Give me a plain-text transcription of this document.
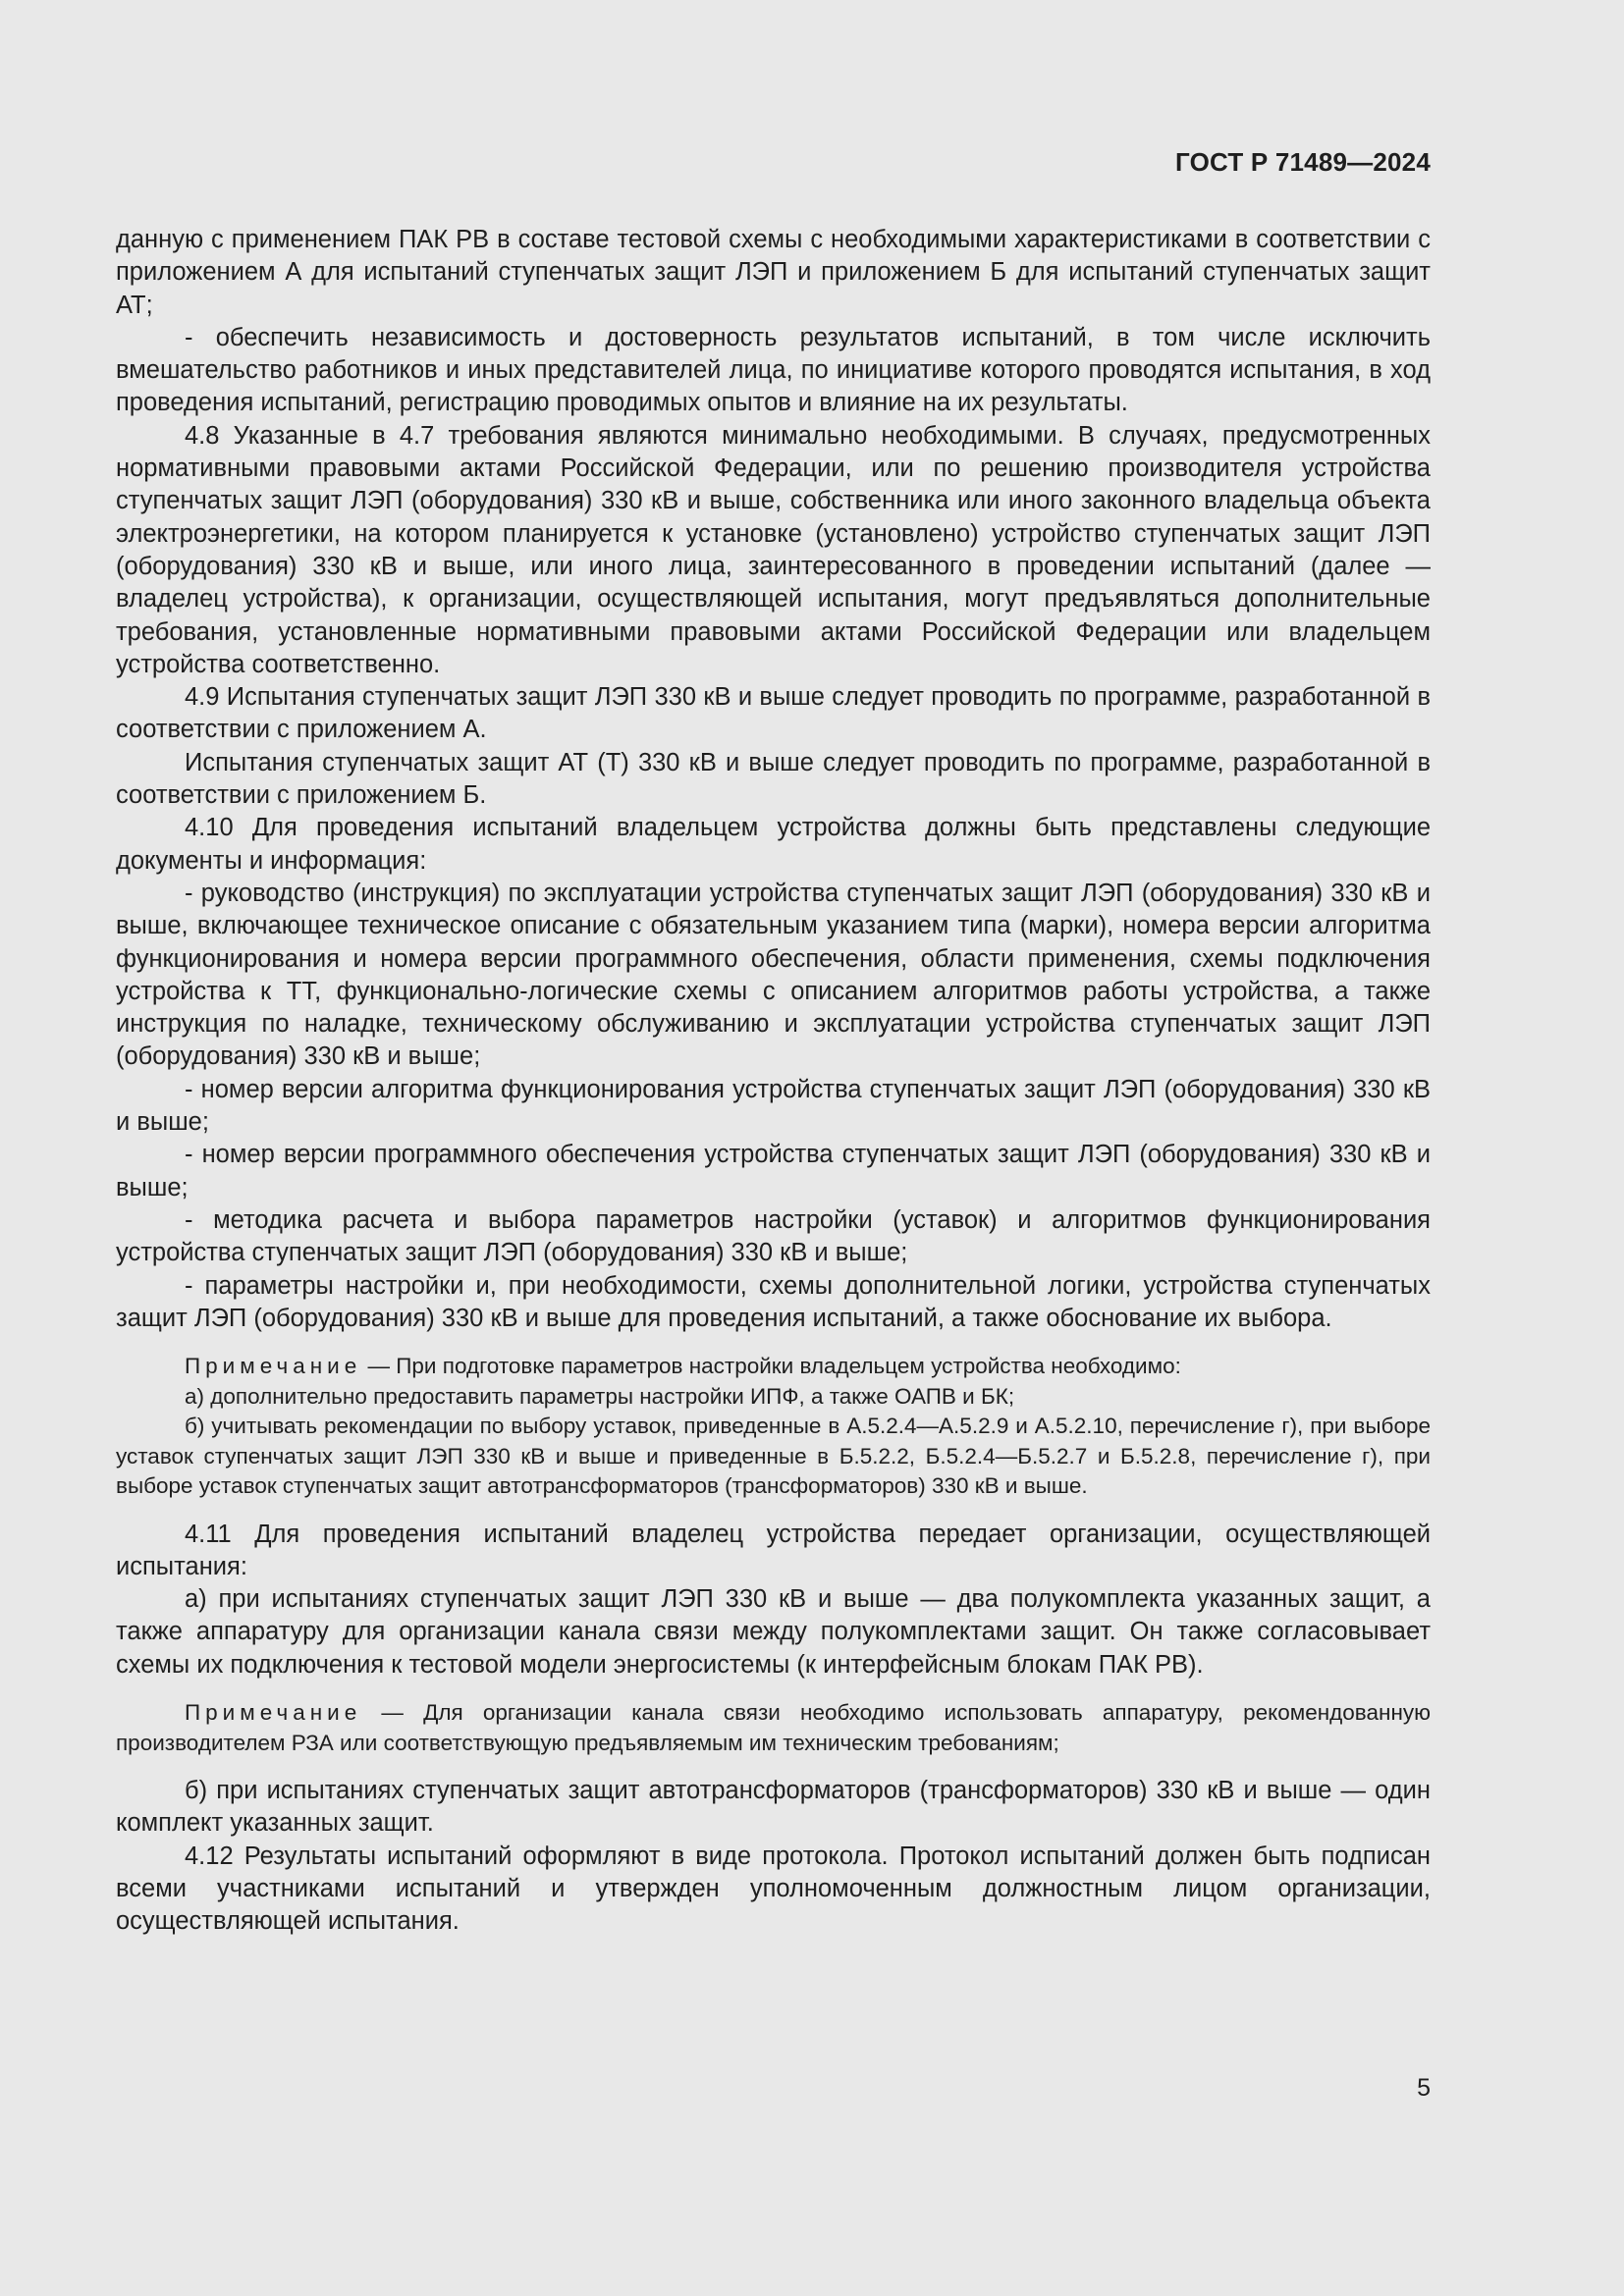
ГОСТ Р 71489—2024

данную с применением ПАК РВ в составе тестовой схемы с необходимыми характеристиками в соответствии с приложением А для испытаний ступенчатых защит ЛЭП и приложением Б для испытаний ступенчатых защит АТ;

- обеспечить независимость и достоверность результатов испытаний, в том числе исключить вмешательство работников и иных представителей лица, по инициативе которого проводятся испытания, в ход проведения испытаний, регистрацию проводимых опытов и влияние на их результаты.

4.8 Указанные в 4.7 требования являются минимально необходимыми. В случаях, предусмотренных нормативными правовыми актами Российской Федерации, или по решению производителя устройства ступенчатых защит ЛЭП (оборудования) 330 кВ и выше, собственника или иного законного владельца объекта электроэнергетики, на котором планируется к установке (установлено) устройство ступенчатых защит ЛЭП (оборудования) 330 кВ и выше, или иного лица, заинтересованного в проведении испытаний (далее — владелец устройства), к организации, осуществляющей испытания, могут предъявляться дополнительные требования, установленные нормативными правовыми актами Российской Федерации или владельцем устройства соответственно.

4.9 Испытания ступенчатых защит ЛЭП 330 кВ и выше следует проводить по программе, разработанной в соответствии с приложением А.

Испытания ступенчатых защит АТ (Т) 330 кВ и выше следует проводить по программе, разработанной в соответствии с приложением Б.

4.10 Для проведения испытаний владельцем устройства должны быть представлены следующие документы и информация:

- руководство (инструкция) по эксплуатации устройства ступенчатых защит ЛЭП (оборудования) 330 кВ и выше, включающее техническое описание с обязательным указанием типа (марки), номера версии алгоритма функционирования и номера версии программного обеспечения, области применения, схемы подключения устройства к ТТ, функционально-логические схемы с описанием алгоритмов работы устройства, а также инструкция по наладке, техническому обслуживанию и эксплуатации устройства ступенчатых защит ЛЭП (оборудования) 330 кВ и выше;

- номер версии алгоритма функционирования устройства ступенчатых защит ЛЭП (оборудования) 330 кВ и выше;

- номер версии программного обеспечения устройства ступенчатых защит ЛЭП (оборудования) 330 кВ и выше;

- методика расчета и выбора параметров настройки (уставок) и алгоритмов функционирования устройства ступенчатых защит ЛЭП (оборудования) 330 кВ и выше;

- параметры настройки и, при необходимости, схемы дополнительной логики, устройства ступенчатых защит ЛЭП (оборудования) 330 кВ и выше для проведения испытаний, а также обоснование их выбора.

Примечание — При подготовке параметров настройки владельцем устройства необходимо:

а) дополнительно предоставить параметры настройки ИПФ, а также ОАПВ и БК;

б) учитывать рекомендации по выбору уставок, приведенные в А.5.2.4—А.5.2.9 и А.5.2.10, перечисление г), при выборе уставок ступенчатых защит ЛЭП 330 кВ и выше и приведенные в Б.5.2.2, Б.5.2.4—Б.5.2.7 и Б.5.2.8, перечисление г), при выборе уставок ступенчатых защит автотрансформаторов (трансформаторов) 330 кВ и выше.

4.11 Для проведения испытаний владелец устройства передает организации, осуществляющей испытания:

а) при испытаниях ступенчатых защит ЛЭП 330 кВ и выше — два полукомплекта указанных защит, а также аппаратуру для организации канала связи между полукомплектами защит. Он также согласовывает схемы их подключения к тестовой модели энергосистемы (к интерфейсным блокам ПАК РВ).

Примечание — Для организации канала связи необходимо использовать аппаратуру, рекомендованную производителем РЗА или соответствующую предъявляемым им техническим требованиям;

б) при испытаниях ступенчатых защит автотрансформаторов (трансформаторов) 330 кВ и выше — один комплект указанных защит.

4.12 Результаты испытаний оформляют в виде протокола. Протокол испытаний должен быть подписан всеми участниками испытаний и утвержден уполномоченным должностным лицом организации, осуществляющей испытания.

5
